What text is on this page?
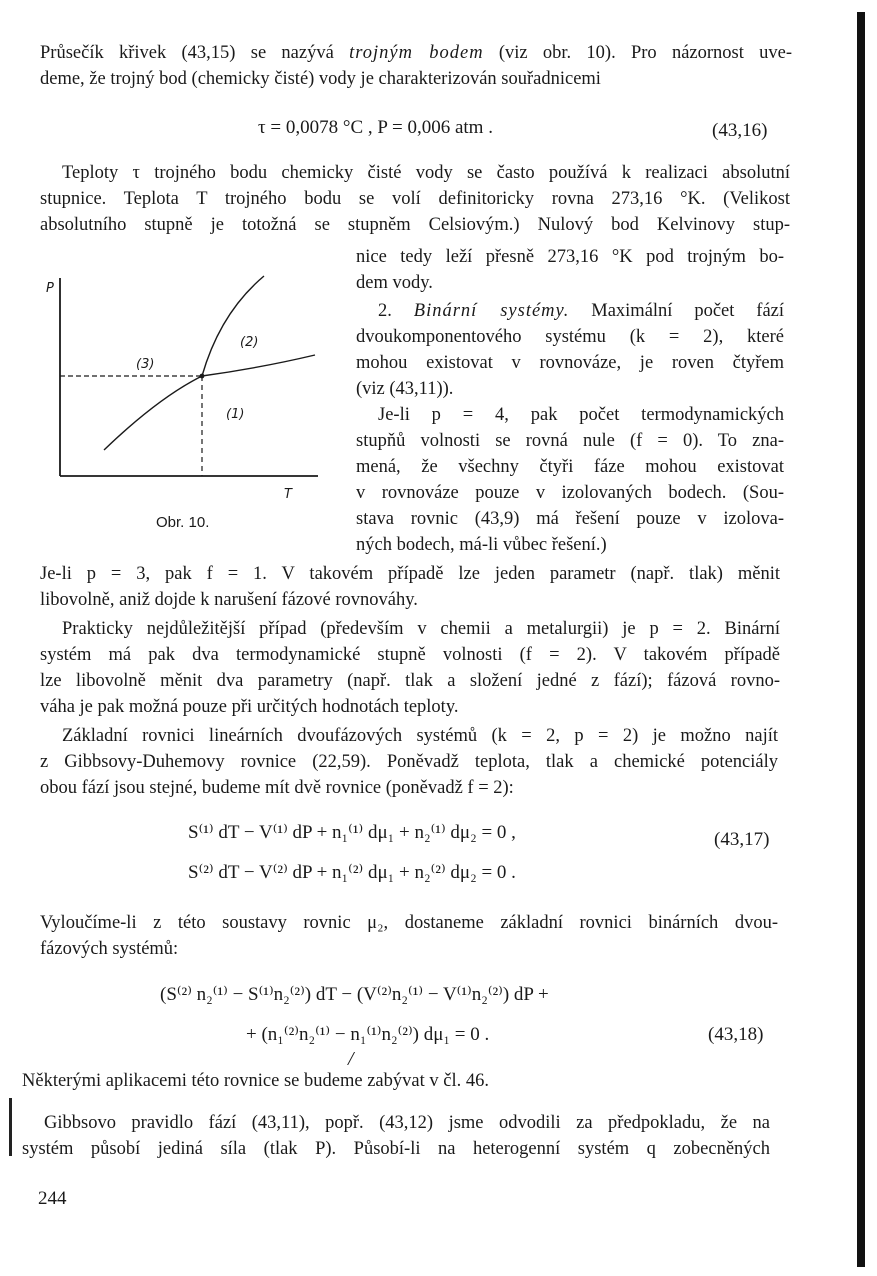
Průsečík křivek (43,15) se nazývá trojným bodem (viz obr. 10). Pro názornost uve-
deme, že trojný bod (chemicky čisté) vody je charakterizován souřadnicemi
τ = 0,0078 °C , P = 0,006 atm .	(43,16)
Teploty τ trojného bodu chemicky čisté vody se často používá k realizaci absolutní
stupnice. Teplota T trojného bodu se volí definitoricky rovna 273,16 °K. (Velikost
absolutního stupně je totožná se stupněm Celsiovým.) Nulový bod Kelvinovy stup-
nice tedy leží přesně 273,16 °K pod trojným bo-
dem vody.
2. Binární systémy. Maximální počet fází
dvoukomponentového systému (k = 2), které
mohou existovat v rovnováze, je roven čtyřem
(viz (43,11)).
Je-li p = 4, pak počet termodynamických
stupňů volnosti se rovná nule (f = 0). To zna-
mená, že všechny čtyři fáze mohou existovat
v rovnováze pouze v izolovaných bodech. (Sou-
stava rovnic (43,9) má řešení pouze v izolova-
ných bodech, má-li vůbec řešení.)
P
T
(2)
(3)
(1)
Obr. 10.
Je-li p = 3, pak f = 1. V takovém případě lze jeden parametr (např. tlak) měnit
libovolně, aniž dojde k narušení fázové rovnováhy.
Prakticky nejdůležitější případ (především v chemii a metalurgii) je p = 2. Binární
systém má pak dva termodynamické stupně volnosti (f = 2). V takovém případě
lze libovolně měnit dva parametry (např. tlak a složení jedné z fází); fázová rovno-
váha je pak možná pouze při určitých hodnotách teploty.
Základní rovnici lineárních dvoufázových systémů (k = 2, p = 2) je možno najít
z Gibbsovy-Duhemovy rovnice (22,59). Poněvadž teplota, tlak a chemické potenciály
obou fází jsou stejné, budeme mít dvě rovnice (poněvadž f = 2):
S⁽¹⁾ dT − V⁽¹⁾ dP + n₁⁽¹⁾ dμ₁ + n₂⁽¹⁾ dμ₂ = 0 ,
S⁽²⁾ dT − V⁽²⁾ dP + n₁⁽²⁾ dμ₁ + n₂⁽²⁾ dμ₂ = 0 .
(43,17)
Vyloučíme-li z této soustavy rovnic μ₂, dostaneme základní rovnici binárních dvou-
fázových systémů:
(S⁽²⁾ n₂⁽¹⁾ − S⁽¹⁾n₂⁽²⁾) dT − (V⁽²⁾n₂⁽¹⁾ − V⁽¹⁾n₂⁽²⁾) dP +
+ (n₁⁽²⁾n₂⁽¹⁾ − n₁⁽¹⁾n₂⁽²⁾) dμ₁ = 0 .	(43,18)
/
Některými aplikacemi této rovnice se budeme zabývat v čl. 46.
Gibbsovo pravidlo fází (43,11), popř. (43,12) jsme odvodili za předpokladu, že na
systém působí jediná síla (tlak P). Působí-li na heterogenní systém q zobecněných
244
